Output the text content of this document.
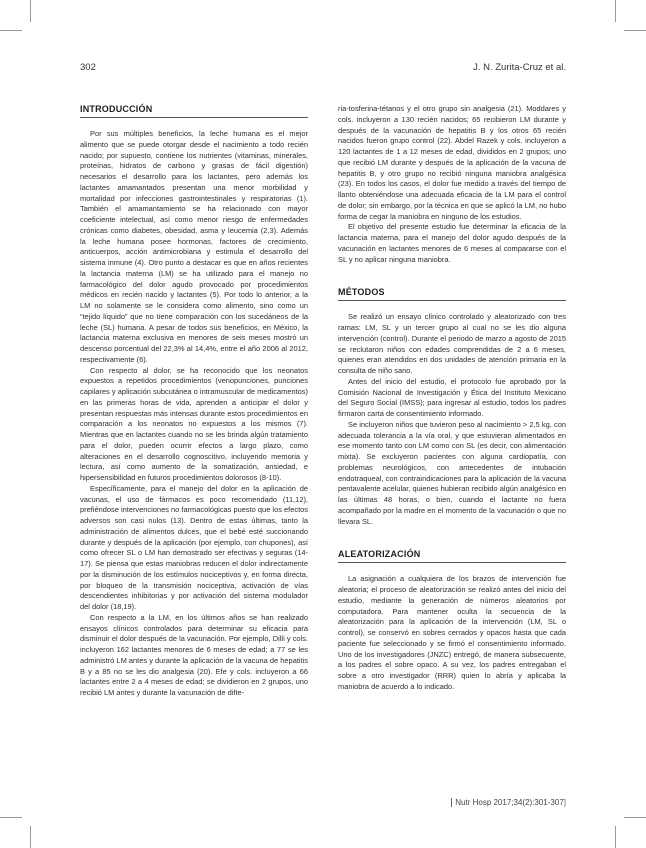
302	J. N. Zurita-Cruz et al.
INTRODUCCIÓN

Por sus múltiples beneficios, la leche humana es el mejor alimento que se puede otorgar desde el nacimiento a todo recién nacido; por supuesto, contiene los nutrientes (vitaminas, minerales, proteínas, hidratos de carbono y grasas de fácil digestión) necesarios el desarrollo para los lactantes, pero además los lactantes amamantados presentan una menor morbilidad y mortalidad por infecciones gastrointestinales y respiratorias (1). También el amamantamiento se ha relacionado con mayor coeficiente intelectual, así como menor riesgo de enfermedades crónicas como diabetes, obesidad, asma y leucemia (2,3). Además la leche humana posee hormonas, factores de crecimiento, anticuerpos, acción antimicrobiana y estimula el desarrollo del sistema inmune (4). Otro punto a destacar es que en años recientes la lactancia materna (LM) se ha utilizado para el manejo no farmacológico del dolor agudo provocado por procedimientos médicos en recién nacido y lactantes (5). Por todo lo anterior, a la LM no solamente se le considera como alimento, sino como un “tejido líquido” que no tiene comparación con los sucedáneos de la leche (SL) humana. A pesar de todos sus beneficios, en México, la lactancia materna exclusiva en menores de seis meses mostró un descenso porcentual del 22,3% al 14,4%, entre el año 2006 al 2012, respectivamente (6).

Con respecto al dolor, se ha reconocido que los neonatos expuestos a repetidos procedimientos (venopunciones, punciones capilares y aplicación subcutánea o intramuscular de medicamentos) en las primeras horas de vida, aprenden a anticipar el dolor y presentan respuestas más intensas durante estos procedimientos en comparación a los neonatos no expuestos a los mismos (7). Mientras que en lactantes cuando no se les brinda algún tratamiento para el dolor, pueden ocurrir efectos a largo plazo, como alteraciones en el desarrollo cognoscitivo, incluyendo memoria y lectura, así como aumento de la somatización, ansiedad, e hipersensibilidad en futuros procedimientos dolorosos (8-10).

Específicamente, para el manejo del dolor en la aplicación de vacunas, el uso de fármacos es poco recomendado (11,12), prefiéndose intervenciones no farmacológicas puesto que los efectos adversos son casi nulos (13). Dentro de estas últimas, tanto la administración de alimentos dulces, que el bebé esté succionando durante y después de la aplicación (por ejemplo, con chupones), así como ofrecer SL o LM han demostrado ser efectivas y seguras (14-17). Se piensa que estas maniobras reducen el dolor indirectamente por la disminución de los estímulos nociceptivos y, en forma directa, por bloqueo de la transmisión nociceptiva, activación de vías descendientes inhibitorias y por activación del sistema modulador del dolor (18,19).

Con respecto a la LM, en los últimos años se han realizado ensayos clínicos controlados para determinar su eficacia para disminuir el dolor después de la vacunación. Por ejemplo, Dilli y cols. incluyeron 162 lactantes menores de 6 meses de edad; a 77 se les administró LM antes y durante la aplicación de la vacuna de hepatitis B y a 85 no se les dio analgesia (20). Efe y cols. incluyeron a 66 lactantes entre 2 a 4 meses de edad; se dividieron en 2 grupos, uno recibió LM antes y durante la vacunación de difte-

ria-tosferina-tétanos y el otro grupo sin analgesia (21). Moddares y cols. incluyeron a 130 recién nacidos; 65 recibieron LM durante y después de la vacunación de hepatitis B y los otros 65 recién nacidos fueron grupo control (22). Abdel Razek y cols. incluyeron a 120 lactantes de 1 a 12 meses de edad, divididos en 2 grupos; uno que recibió LM durante y después de la aplicación de la vacuna de hepatitis B, y otro grupo no recibió ninguna maniobra analgésica (23). En todos los casos, el dolor fue medido a través del tiempo de llanto obteniéndose una adecuada eficacia de la LM para el control de dolor; sin embargo, por la técnica en que se aplicó la LM, no hubo forma de cegar la maniobra en ninguno de los estudios.

El objetivo del presente estudio fue determinar la eficacia de la lactancia materna, para el manejo del dolor agudo después de la vacunación en lactantes menores de 6 meses al compararse con el SL y no aplicar ninguna maniobra.

MÉTODOS

Se realizó un ensayo clínico controlado y aleatorizado con tres ramas: LM, SL y un tercer grupo al cual no se les dio alguna intervención (control). Durante el periodo de marzo a agosto de 2015 se reclutaron niños con edades comprendidas de 2 a 6 meses, quienes eran atendidos en dos unidades de atención primaria en la consulta de niño sano.

Antes del inicio del estudio, el protocolo fue aprobado por la Comisión Nacional de Investigación y Ética del Instituto Mexicano del Seguro Social (IMSS); para ingresar al estudio, todos los padres firmaron carta de consentimiento informado.

Se incluyeron niños que tuvieron peso al nacimiento > 2,5 kg, con adecuada tolerancia a la vía oral, y que estuvieran alimentados en ese momento tanto con LM como con SL (es decir, con alimentación mixta). Se excluyeron pacientes con alguna cardiopatía, con problemas neurológicos, con antecedentes de intubación endotraqueal, con contraindicaciones para la aplicación de la vacuna pentavalente acelular, quienes hubieran recibido algún analgésico en las últimas 48 horas, o bien, cuando el lactante no fuera acompañado por la madre en el momento de la vacunación o que no llevara SL.

ALEATORIZACIÓN

La asignación a cualquiera de los brazos de intervención fue aleatoria; el proceso de aleatorización se realizó antes del inicio del estudio, mediante la generación de números aleatorios por computadora. Para mantener oculta la secuencia de la aleatorización para la aplicación de la intervención (LM, SL o control), se conservó en sobres cerrados y opacos hasta que cada paciente fue seleccionado y se firmó el consentimiento informado. Uno de los investigadores (JNZC) entregó, de manera subsecuente, a los padres el sobre opaco. A su vez, los padres entregaban el sobre a otro investigador (RRR) quien lo abría y aplicaba la maniobra de acuerdo a lo indicado.

Nutr Hosp 2017;34(2):301-307]
